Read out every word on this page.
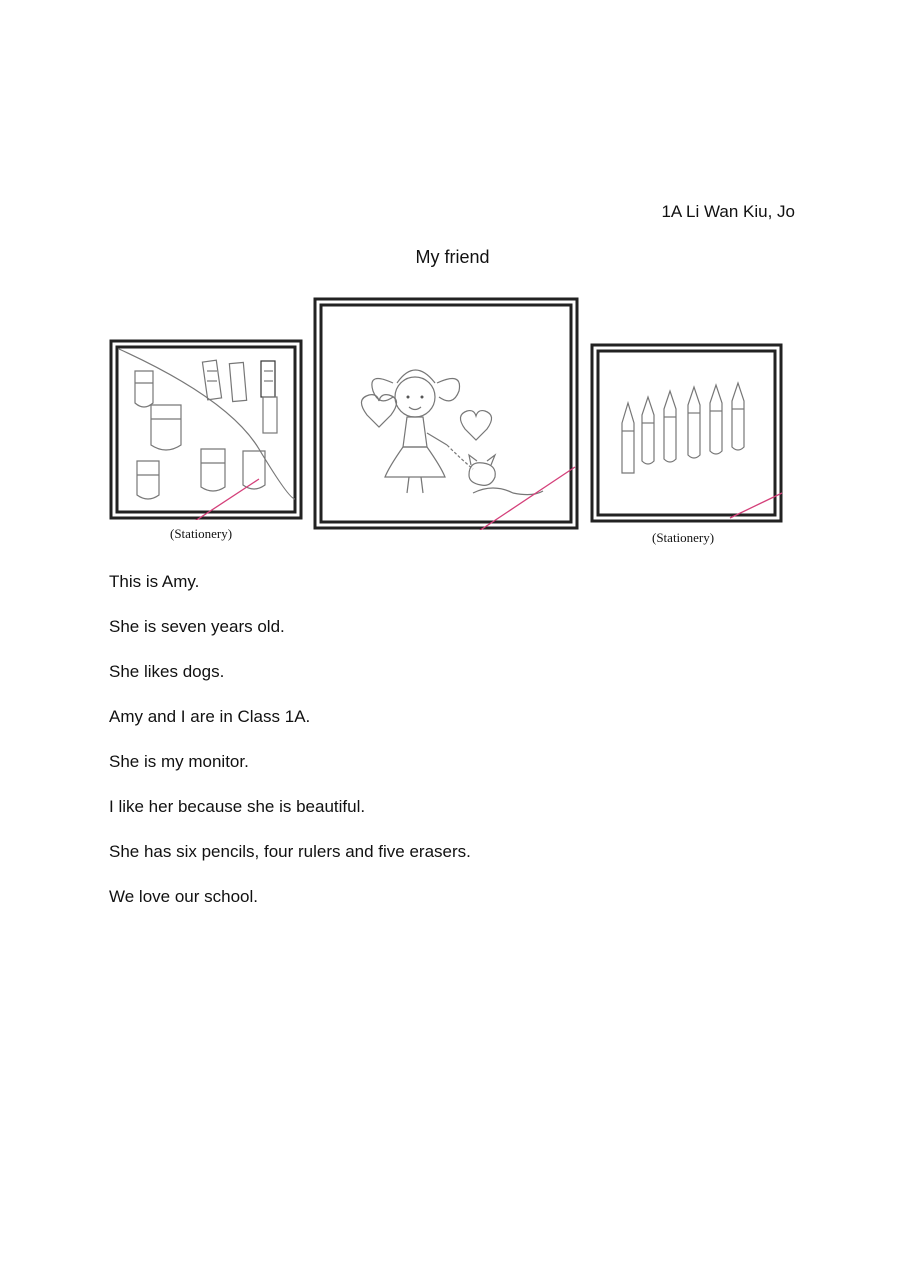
1A Li Wan Kiu, Jo
My friend
(Stationery)	(Stationery)

This is Amy.

She is seven years old.

She likes dogs.

Amy and I are in Class 1A.

She is my monitor.

I like her because she is beautiful.

She has six pencils, four rulers and five erasers.

We love our school.
